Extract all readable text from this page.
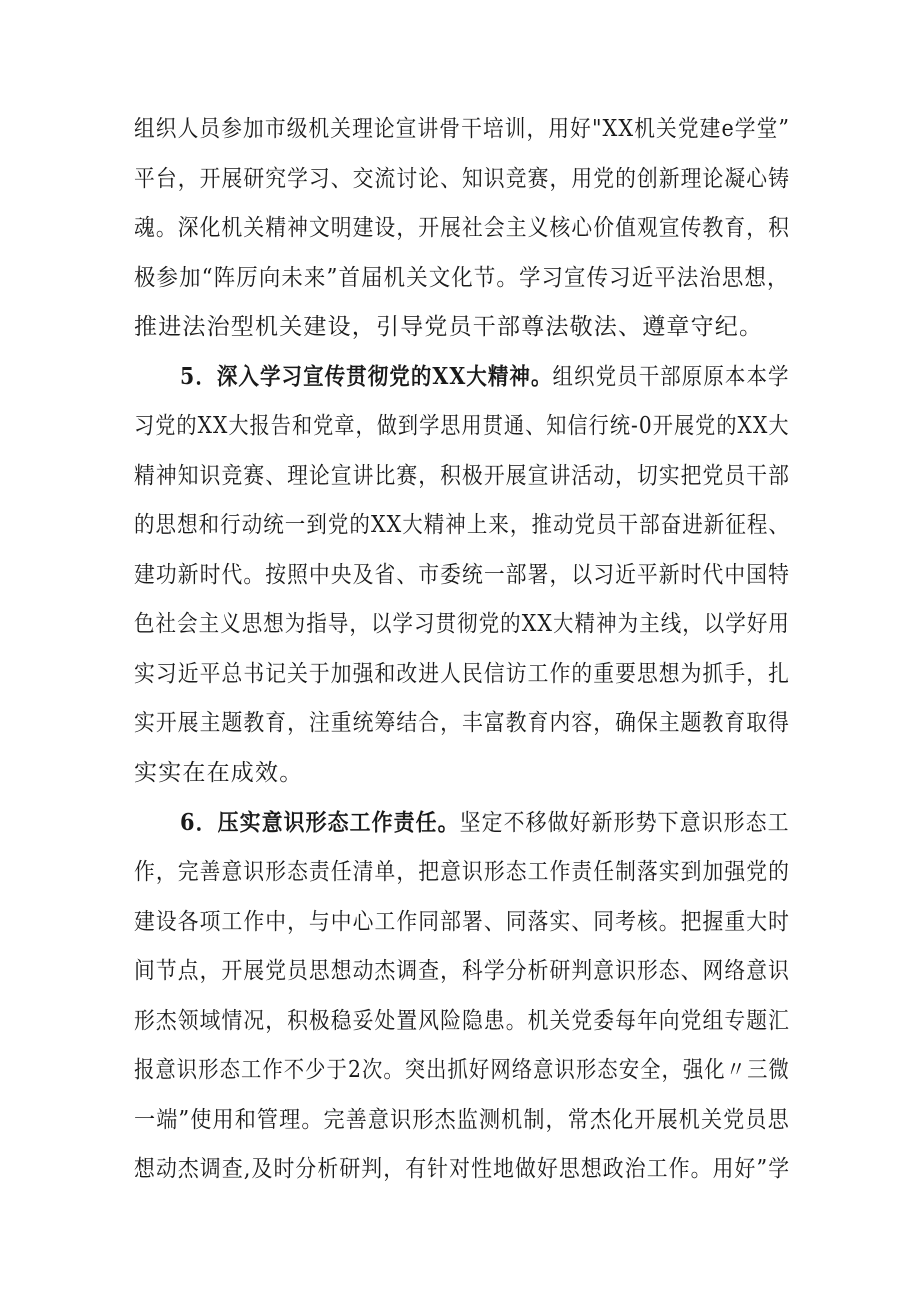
组织人员参加市级机关理论宣讲骨干培训，用好"XX机关党建e学堂”
平台，开展研究学习、交流讨论、知识竞赛，用党的创新理论凝心铸
魂。深化机关精神文明建设，开展社会主义核心价值观宣传教育，积
极参加“阵厉向未来”首届机关文化节。学习宣传习近平法治思想，
推进法治型机关建设，引导党员干部尊法敬法、遵章守纪。
5．深入学习宣传贯彻党的XX大精神。组织党员干部原原本本学
习党的XX大报告和党章，做到学思用贯通、知信行统-0开展党的XX大
精神知识竞赛、理论宣讲比赛，积极开展宣讲活动，切实把党员干部
的思想和行动统一到党的XX大精神上来，推动党员干部奋进新征程、
建功新时代。按照中央及省、市委统一部署，以习近平新时代中国特
色社会主义思想为指导，以学习贯彻党的XX大精神为主线，以学好用
实习近平总书记关于加强和改进人民信访工作的重要思想为抓手，扎
实开展主题教育，注重统筹结合，丰富教育内容，确保主题教育取得
实实在在成效。
6．压实意识形态工作责任。坚定不移做好新形势下意识形态工
作，完善意识形态责任清单，把意识形态工作责任制落实到加强党的
建设各项工作中，与中心工作同部署、同落实、同考核。把握重大时
间节点，开展党员思想动杰调查，科学分析研判意识形态、网络意识
形杰领域情况，积极稳妥处置风险隐患。机关党委每年向党组专题汇
报意识形态工作不少于2次。突出抓好网络意识形态安全，强化〃三微
一端”使用和管理。完善意识形杰监测机制，常杰化开展机关党员思
想动杰调查,及时分析研判，有针对性地做好思想政治工作。用好”学
